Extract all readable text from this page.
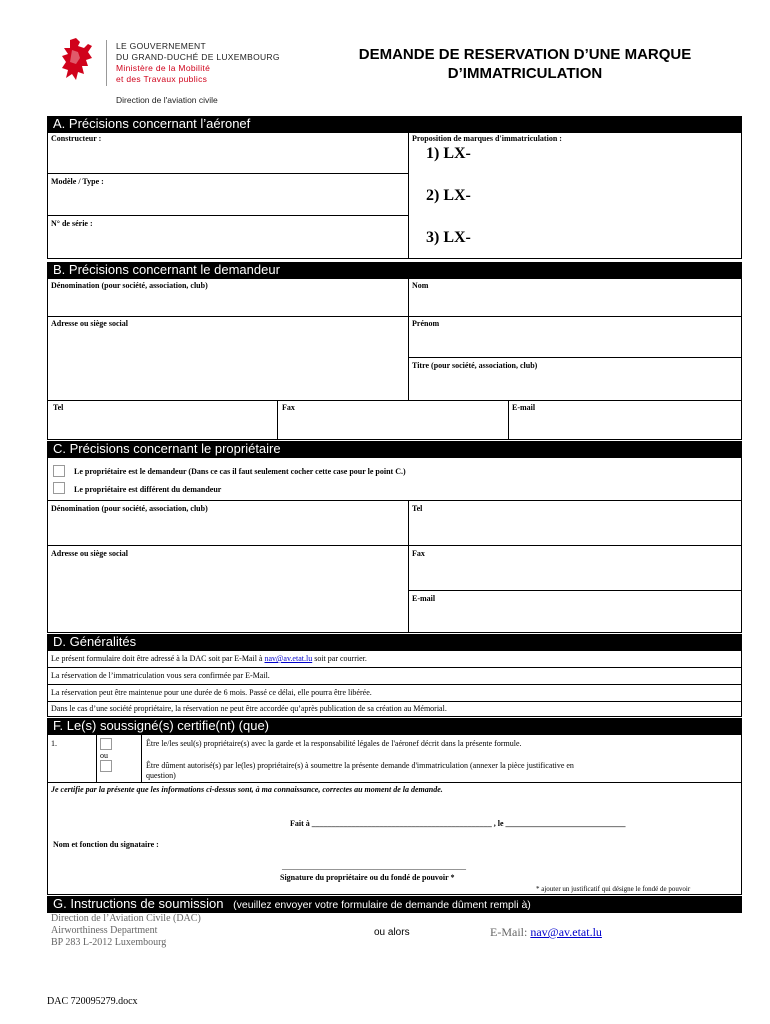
LE GOUVERNEMENT
DU GRAND-DUCHÉ DE LUXEMBOURG
Ministère de la Mobilité
et des Travaux publics
Direction de l'aviation civile
DEMANDE DE RESERVATION D’UNE MARQUE
D’IMMATRICULATION
A. Précisions concernant l’aéronef
Constructeur :
Modèle / Type :
N° de série :
Proposition de marques d'immatriculation :
1) LX-
2) LX-
3) LX-
B. Précisions concernant le demandeur
Dénomination (pour société, association, club)	Nom
Adresse ou siège social	Prénom
Titre (pour société, association, club)
Tel	Fax	E-mail
C. Précisions concernant le propriétaire
Le propriétaire est le demandeur (Dans ce cas il faut seulement cocher cette case pour le point C.)
Le propriétaire est différent du demandeur
Dénomination (pour société, association, club)	Tel
Adresse ou siège social	Fax
E-mail
D. Généralités
Le présent formulaire doit être adressé à la DAC soit par E-Mail à nav@av.etat.lu soit par courrier.
La réservation de l’immatriculation vous sera confirmée par E-Mail.
La réservation peut être maintenue pour une durée de 6 mois. Passé ce délai, elle pourra être libérée.
Dans le cas d’une société propriétaire, la réservation ne peut être accordée qu’après publication de sa création au Mémorial.
F. Le(s) soussigné(s) certifie(nt) (que)
1.
ou
Être le/les seul(s) propriétaire(s) avec la garde et la responsabilité légales de l'aéronef décrit dans la présente formule.
Être dûment autorisé(s) par le(les) propriétaire(s) à soumettre la présente demande d'immatriculation (annexer la pièce justificative en
question)
Je certifie par la présente que les informations ci-dessus sont, à ma connaissance, correctes au moment de la demande.
Fait à _____________________________________________ , le ______________________________
Nom et fonction du signataire :
______________________________________________
Signature du propriétaire ou du fondé de pouvoir *
* ajouter un justificatif qui désigne le fondé de pouvoir
G. Instructions de soumission (veuillez envoyer votre formulaire de demande dûment rempli à)
Direction de l’Aviation Civile (DAC)
Airworthiness Department
BP 283 L-2012 Luxembourg
ou alors	E-Mail: nav@av.etat.lu
DAC 720095279.docx
